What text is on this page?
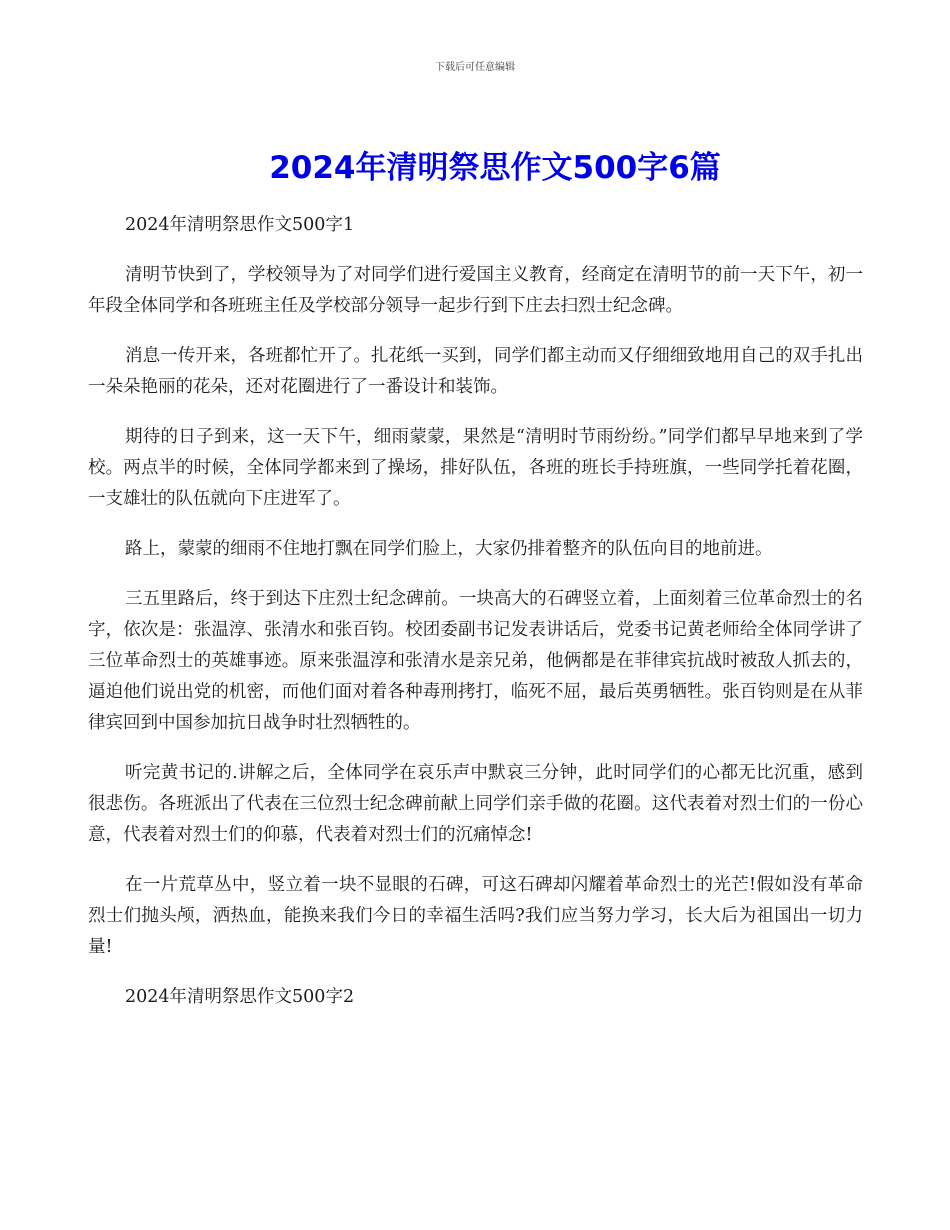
下载后可任意编辑
2024年清明祭思作文500字6篇

2024年清明祭思作文500字1

清明节快到了，学校领导为了对同学们进行爱国主义教育，经商定在清明节的前一天下午，初一年段全体同学和各班班主任及学校部分领导一起步行到下庄去扫烈士纪念碑。

消息一传开来，各班都忙开了。扎花纸一买到，同学们都主动而又仔细细致地用自己的双手扎出一朵朵艳丽的花朵，还对花圈进行了一番设计和装饰。

期待的日子到来，这一天下午，细雨蒙蒙，果然是“清明时节雨纷纷。”同学们都早早地来到了学校。两点半的时候，全体同学都来到了操场，排好队伍，各班的班长手持班旗，一些同学托着花圈，一支雄壮的队伍就向下庄进军了。

路上，蒙蒙的细雨不住地打飘在同学们脸上，大家仍排着整齐的队伍向目的地前进。

三五里路后，终于到达下庄烈士纪念碑前。一块高大的石碑竖立着，上面刻着三位革命烈士的名字，依次是：张温淳、张清水和张百钧。校团委副书记发表讲话后，党委书记黄老师给全体同学讲了三位革命烈士的英雄事迹。原来张温淳和张清水是亲兄弟，他俩都是在菲律宾抗战时被敌人抓去的，逼迫他们说出党的机密，而他们面对着各种毒刑拷打，临死不屈，最后英勇牺牲。张百钧则是在从菲律宾回到中国参加抗日战争时壮烈牺牲的。

听完黄书记的.讲解之后，全体同学在哀乐声中默哀三分钟，此时同学们的心都无比沉重，感到很悲伤。各班派出了代表在三位烈士纪念碑前献上同学们亲手做的花圈。这代表着对烈士们的一份心意，代表着对烈士们的仰慕，代表着对烈士们的沉痛悼念!

在一片荒草丛中，竖立着一块不显眼的石碑，可这石碑却闪耀着革命烈士的光芒!假如没有革命烈士们抛头颅，洒热血，能换来我们今日的幸福生活吗?我们应当努力学习，长大后为祖国出一切力量!

2024年清明祭思作文500字2
